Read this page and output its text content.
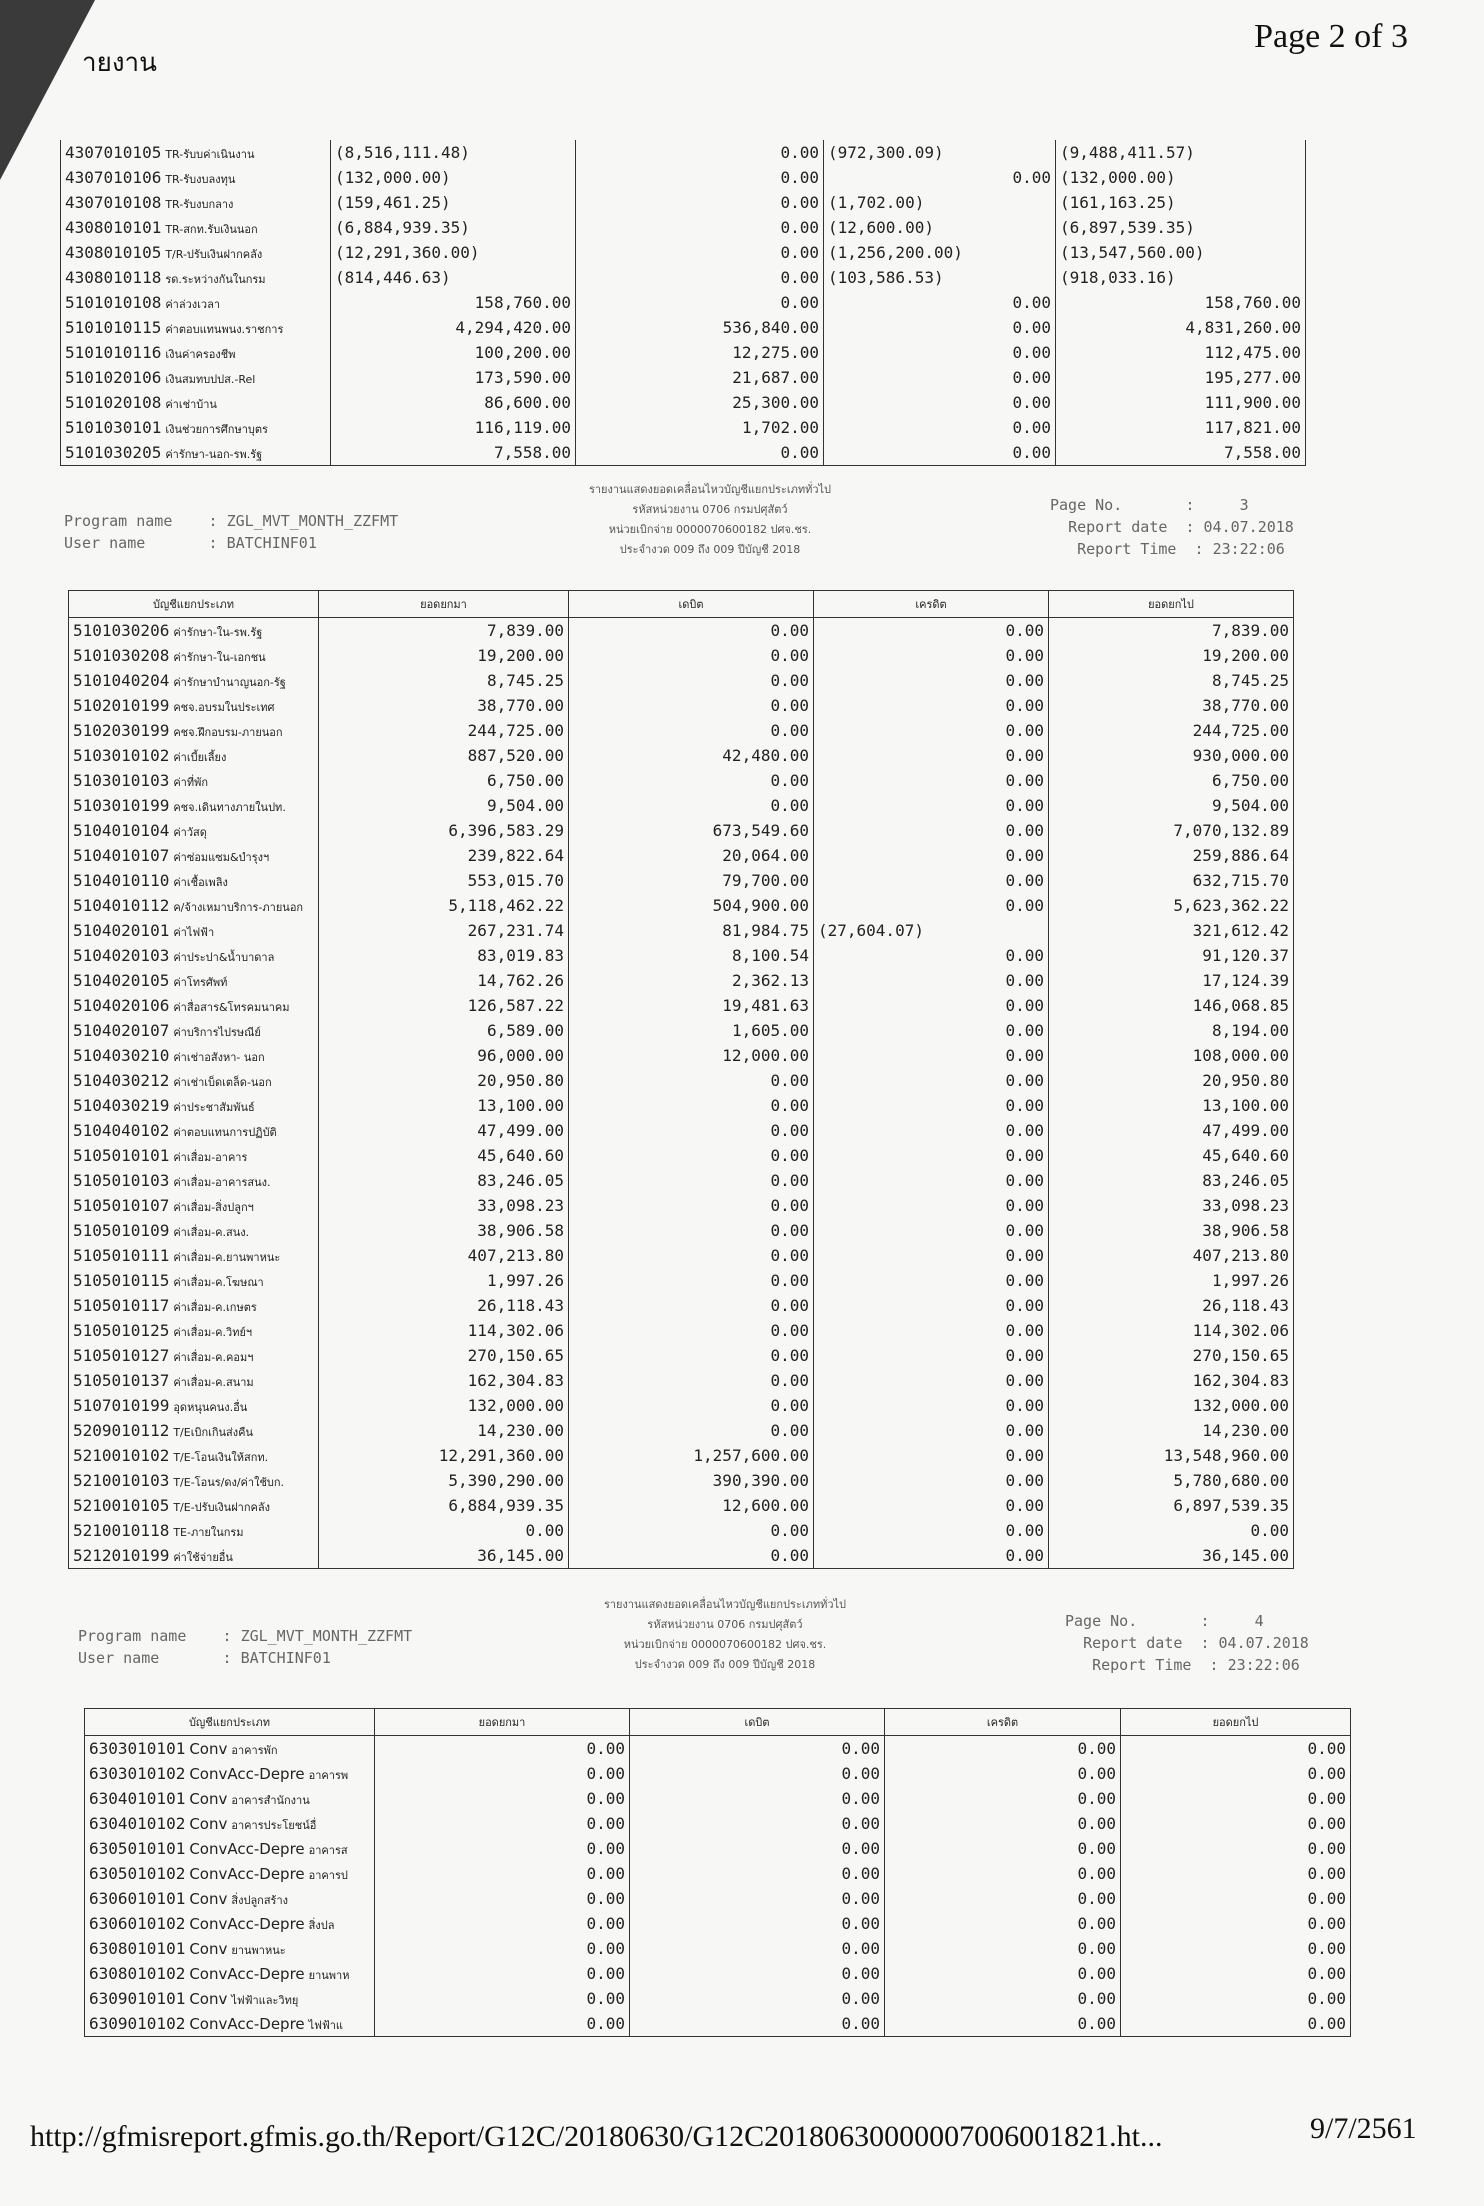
ายงาน
Page 2 of 3
4307010105 TR-รับบค่าเนินงาน	(8,516,111.48)	0.00	(972,300.09)	(9,488,411.57)
4307010106 TR-รับงบลงทุน	(132,000.00)	0.00	0.00	(132,000.00)
4307010108 TR-รับงบกลาง	(159,461.25)	0.00	(1,702.00)	(161,163.25)
4308010101 TR-สกท.รับเงินนอก	(6,884,939.35)	0.00	(12,600.00)	(6,897,539.35)
4308010105 T/R-ปรับเงินฝากคลัง	(12,291,360.00)	0.00	(1,256,200.00)	(13,547,560.00)
4308010118 รด.ระหว่างกันในกรม	(814,446.63)	0.00	(103,586.53)	(918,033.16)
5101010108 ค่าล่วงเวลา	158,760.00	0.00	0.00	158,760.00
5101010115 ค่าตอบแทนพนง.ราชการ	4,294,420.00	536,840.00	0.00	4,831,260.00
5101010116 เงินค่าครองชีพ	100,200.00	12,275.00	0.00	112,475.00
5101020106 เงินสมทบปปส.-Rel	173,590.00	21,687.00	0.00	195,277.00
5101020108 ค่าเช่าบ้าน	86,600.00	25,300.00	0.00	111,900.00
5101030101 เงินช่วยการศึกษาบุตร	116,119.00	1,702.00	0.00	117,821.00
5101030205 ค่ารักษา-นอก-รพ.รัฐ	7,558.00	0.00	0.00	7,558.00
Program name    : ZGL_MVT_MONTH_ZZFMT
User name       : BATCHINF01
รายงานแสดงยอดเคลื่อนไหวบัญชีแยกประเภททั่วไป
รหัสหน่วยงาน 0706 กรมปศุสัตว์
หน่วยเบิกจ่าย 0000070600182 ปศจ.ชร.
ประจำงวด 009 ถึง 009 ปีบัญชี 2018

Page No.       :     3
Report date  : 04.07.2018
Report Time  : 23:22:06

บัญชีแยกประเภท	ยอดยกมา	เดบิต	เครดิต	ยอดยกไป
5101030206 ค่ารักษา-ใน-รพ.รัฐ	7,839.00	0.00	0.00	7,839.00
5101030208 ค่ารักษา-ใน-เอกชน	19,200.00	0.00	0.00	19,200.00
5101040204 ค่ารักษาบำนาญนอก-รัฐ	8,745.25	0.00	0.00	8,745.25
5102010199 คชจ.อบรมในประเทศ	38,770.00	0.00	0.00	38,770.00
5102030199 คชจ.ฝึกอบรม-ภายนอก	244,725.00	0.00	0.00	244,725.00
5103010102 ค่าเบี้ยเลี้ยง	887,520.00	42,480.00	0.00	930,000.00
5103010103 ค่าที่พัก	6,750.00	0.00	0.00	6,750.00
5103010199 คชจ.เดินทางภายในปท.	9,504.00	0.00	0.00	9,504.00
5104010104 ค่าวัสดุ	6,396,583.29	673,549.60	0.00	7,070,132.89
5104010107 ค่าซ่อมแซม&บำรุงฯ	239,822.64	20,064.00	0.00	259,886.64
5104010110 ค่าเชื้อเพลิง	553,015.70	79,700.00	0.00	632,715.70
5104010112 ค/จ้างเหมาบริการ-ภายนอก	5,118,462.22	504,900.00	0.00	5,623,362.22
5104020101 ค่าไฟฟ้า	267,231.74	81,984.75	(27,604.07)	321,612.42
5104020103 ค่าประปา&น้ำบาดาล	83,019.83	8,100.54	0.00	91,120.37
5104020105 ค่าโทรศัพท์	14,762.26	2,362.13	0.00	17,124.39
5104020106 ค่าสื่อสาร&โทรคมนาคม	126,587.22	19,481.63	0.00	146,068.85
5104020107 ค่าบริการไปรษณีย์	6,589.00	1,605.00	0.00	8,194.00
5104030210 ค่าเช่าอสังหา- นอก	96,000.00	12,000.00	0.00	108,000.00
5104030212 ค่าเช่าเบ็ดเตล็ด-นอก	20,950.80	0.00	0.00	20,950.80
5104030219 ค่าประชาสัมพันธ์	13,100.00	0.00	0.00	13,100.00
5104040102 ค่าตอบแทนการปฏิบัติ	47,499.00	0.00	0.00	47,499.00
5105010101 ค่าเสื่อม-อาคาร	45,640.60	0.00	0.00	45,640.60
5105010103 ค่าเสื่อม-อาคารสนง.	83,246.05	0.00	0.00	83,246.05
5105010107 ค่าเสื่อม-สิ่งปลูกฯ	33,098.23	0.00	0.00	33,098.23
5105010109 ค่าเสื่อม-ค.สนง.	38,906.58	0.00	0.00	38,906.58
5105010111 ค่าเสื่อม-ค.ยานพาหนะ	407,213.80	0.00	0.00	407,213.80
5105010115 ค่าเสื่อม-ค.โฆษณา	1,997.26	0.00	0.00	1,997.26
5105010117 ค่าเสื่อม-ค.เกษตร	26,118.43	0.00	0.00	26,118.43
5105010125 ค่าเสื่อม-ค.วิทย์ฯ	114,302.06	0.00	0.00	114,302.06
5105010127 ค่าเสื่อม-ค.คอมฯ	270,150.65	0.00	0.00	270,150.65
5105010137 ค่าเสื่อม-ค.สนาม	162,304.83	0.00	0.00	162,304.83
5107010199 อุดหนุนคนง.อื่น	132,000.00	0.00	0.00	132,000.00
5209010112 T/Eเบิกเกินส่งคืน	14,230.00	0.00	0.00	14,230.00
5210010102 T/E-โอนเงินให้สกท.	12,291,360.00	1,257,600.00	0.00	13,548,960.00
5210010103 T/E-โอนร/ดง/ค่าใช้บก.	5,390,290.00	390,390.00	0.00	5,780,680.00
5210010105 T/E-ปรับเงินฝากคลัง	6,884,939.35	12,600.00	0.00	6,897,539.35
5210010118 TE-ภายในกรม	0.00	0.00	0.00	0.00
5212010199 ค่าใช้จ่ายอื่น	36,145.00	0.00	0.00	36,145.00
Program name    : ZGL_MVT_MONTH_ZZFMT
User name       : BATCHINF01
รายงานแสดงยอดเคลื่อนไหวบัญชีแยกประเภททั่วไป
รหัสหน่วยงาน 0706 กรมปศุสัตว์
หน่วยเบิกจ่าย 0000070600182 ปศจ.ชร.
ประจำงวด 009 ถึง 009 ปีบัญชี 2018

Page No.       :     4
Report date  : 04.07.2018
Report Time  : 23:22:06

บัญชีแยกประเภท	ยอดยกมา	เดบิต	เครดิต	ยอดยกไป
6303010101 Conv อาคารพัก	0.00	0.00	0.00	0.00
6303010102 ConvAcc-Depre อาคารพ	0.00	0.00	0.00	0.00
6304010101 Conv อาคารสำนักงาน	0.00	0.00	0.00	0.00
6304010102 Conv อาคารประโยชน์อื่	0.00	0.00	0.00	0.00
6305010101 ConvAcc-Depre อาคารส	0.00	0.00	0.00	0.00
6305010102 ConvAcc-Depre อาคารป	0.00	0.00	0.00	0.00
6306010101 Conv สิ่งปลูกสร้าง	0.00	0.00	0.00	0.00
6306010102 ConvAcc-Depre สิ่งปล	0.00	0.00	0.00	0.00
6308010101 Conv ยานพาหนะ	0.00	0.00	0.00	0.00
6308010102 ConvAcc-Depre ยานพาห	0.00	0.00	0.00	0.00
6309010101 Conv ไฟฟ้าและวิทยุ	0.00	0.00	0.00	0.00
6309010102 ConvAcc-Depre ไฟฟ้าแ	0.00	0.00	0.00	0.00
http://gfmisreport.gfmis.go.th/Report/G12C/20180630/G12C20180630000007006001821.ht...	9/7/2561
